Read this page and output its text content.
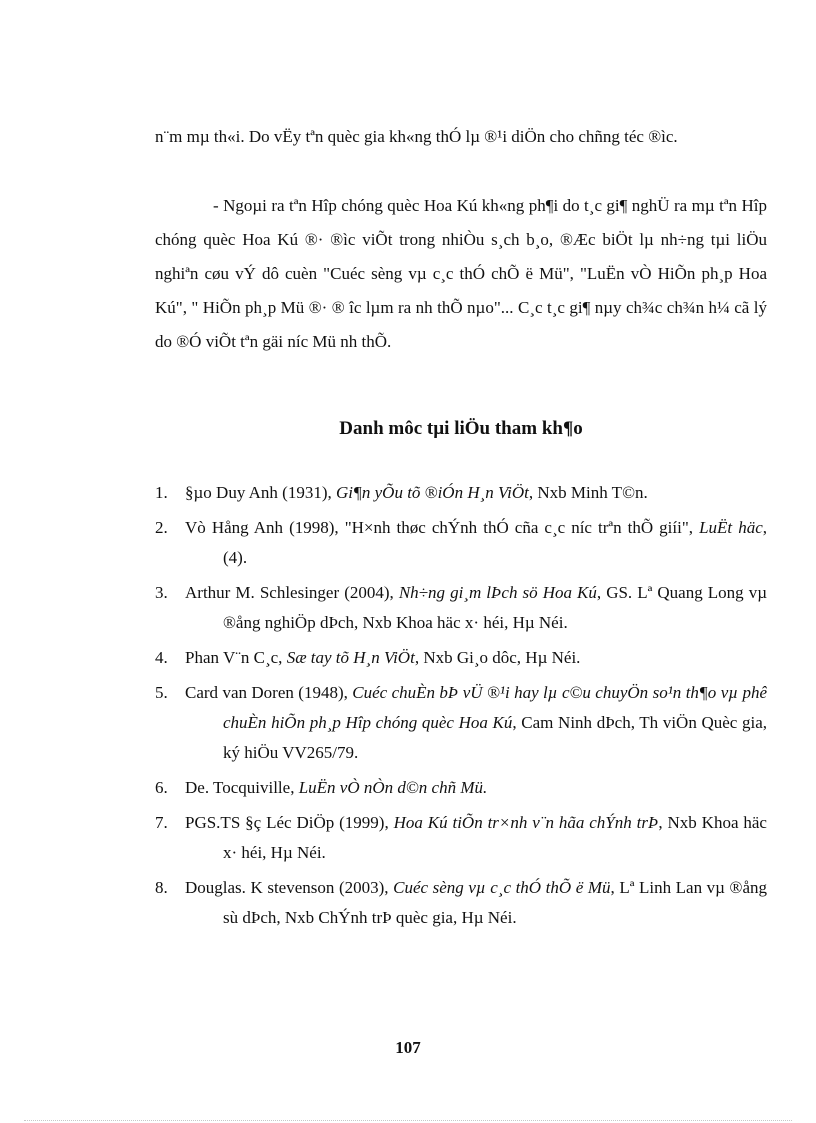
n¨m mµ th«i. Do vËy tªn quèc gia kh«ng thÓ lµ ®¹i diÖn cho chñng téc ®ìc.

- Ngoµi ra tªn Hîp chóng quèc Hoa Kú kh«ng ph¶i do t¸c gi¶ nghÜ ra mµ tªn Hîp chóng quèc Hoa Kú ®· ®ìc viÕt trong nhiÒu s¸ch b¸o, ®Æc biÖt lµ nh÷ng tµi liÖu nghiªn cøu vÝ dô cuèn "Cuéc sèng vµ c¸c thÓ chÕ ë Mü", "LuËn vÒ HiÕn ph¸p Hoa Kú", " HiÕn ph¸p Mü ®· ® îc lµm ra nh thÕ nµo"... C¸c t¸c gi¶ nµy ch¾c ch¾n h¼ cã lý do ®Ó viÕt tªn gäi níc Mü nh thÕ.

Danh môc tµi liÖu tham kh¶o
1. §µo Duy Anh (1931), Gi¶n yÕu tõ ®iÓn H¸n ViÖt, Nxb Minh T©n.
2. Vò Hång Anh (1998), "H×nh thøc chÝnh thÓ cña c¸c níc trªn thÕ giíi", LuËt häc, (4).
3. Arthur M. Schlesinger (2004), Nh÷ng gi¸m lÞch sö Hoa Kú, GS. Lª Quang Long vµ ®ång nghiÖp dÞch, Nxb Khoa häc x· héi, Hµ Néi.
4. Phan V¨n C¸c, Sæ tay tõ H¸n ViÖt, Nxb Gi¸o dôc, Hµ Néi.
5. Card van Doren (1948), Cuéc chuÈn bÞ vÜ ®¹i hay lµ c©u chuyÖn so¹n th¶o vµ phê chuÈn hiÕn ph¸p Hîp chóng quèc Hoa Kú, Cam Ninh dÞch, Th viÖn Quèc gia, ký hiÖu VV265/79.
6. De. Tocquiville, LuËn vÒ nÒn d©n chñ Mü.
7. PGS.TS §ç Léc DiÖp (1999), Hoa Kú tiÕn tr×nh v¨n hãa chÝnh trÞ, Nxb Khoa häc x· héi, Hµ Néi.
8. Douglas. K stevenson (2003), Cuéc sèng vµ c¸c thÓ thÕ ë Mü, Lª Linh Lan vµ ®ång sù dÞch, Nxb ChÝnh trÞ quèc gia, Hµ Néi.
107
